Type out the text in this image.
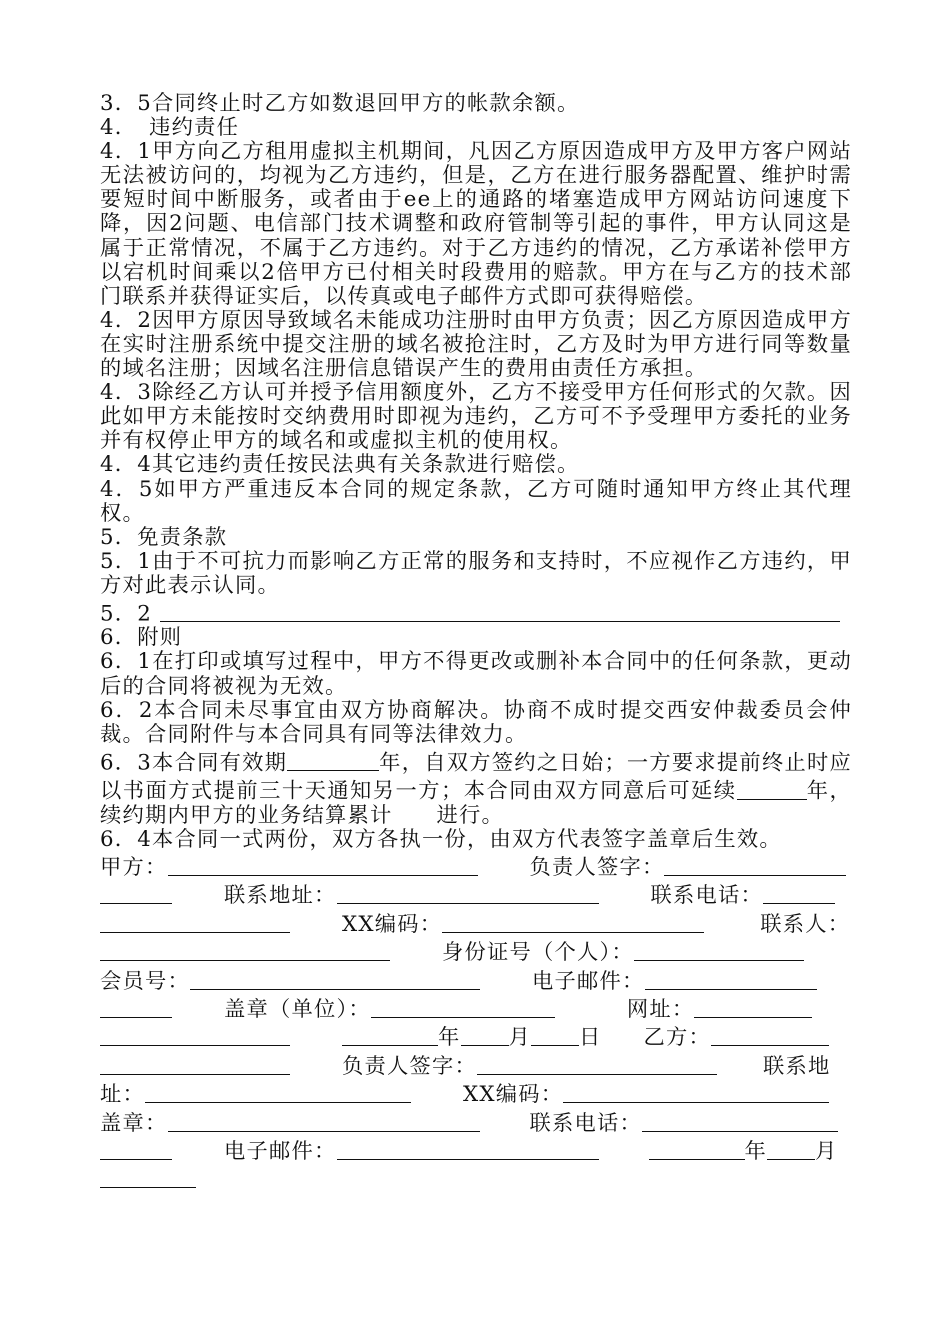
3．5合同终止时乙方如数退回甲方的帐款余额。

4．　违约责任

4．1甲方向乙方租用虚拟主机期间，凡因乙方原因造成甲方及甲方客户网站无法被访问的，均视为乙方违约，但是，乙方在进行服务器配置、维护时需要短时间中断服务，或者由于ee上的通路的堵塞造成甲方网站访问速度下降，因2问题、电信部门技术调整和政府管制等引起的事件，甲方认同这是属于正常情况，不属于乙方违约。对于乙方违约的情况，乙方承诺补偿甲方以宕机时间乘以2倍甲方已付相关时段费用的赔款。甲方在与乙方的技术部门联系并获得证实后，以传真或电子邮件方式即可获得赔偿。

4．2因甲方原因导致域名未能成功注册时由甲方负责；因乙方原因造成甲方在实时注册系统中提交注册的域名被抢注时，乙方及时为甲方进行同等数量的域名注册；因域名注册信息错误产生的费用由责任方承担。

4．3除经乙方认可并授予信用额度外，乙方不接受甲方任何形式的欠款。因此如甲方未能按时交纳费用时即视为违约，乙方可不予受理甲方委托的业务并有权停止甲方的域名和或虚拟主机的使用权。

4．4其它违约责任按民法典有关条款进行赔偿。

4．5如甲方严重违反本合同的规定条款，乙方可随时通知甲方终止其代理权。

5．免责条款

5．1由于不可抗力而影响乙方正常的服务和支持时，不应视作乙方违约，甲方对此表示认同。

5．2

6．附则

6．1在打印或填写过程中，甲方不得更改或删补本合同中的任何条款，更动后的合同将被视为无效。

6．2本合同未尽事宜由双方协商解决。协商不成时提交西安仲裁委员会仲裁。合同附件与本合同具有同等法律效力。

6．3本合同有效期	年，自双方签约之日始；一方要求提前终止时应以书面方式提前三十天通知另一方；本合同由双方同意后可延续	年，续约期内甲方的业务结算累计 进行。

6．4本合同一式两份，双方各执一份，由双方代表签字盖章后生效。

甲方：	负责人签字：
联系地址：	联系电话：
XX编码：	联系人：
身份证号（个人）：
会员号：	电子邮件：
盖章（单位）：	网址：
年 月 日 乙方：
负责人签字：	联系地
址：	XX编码：
盖章：	联系电话：
电子邮件：	年 月
